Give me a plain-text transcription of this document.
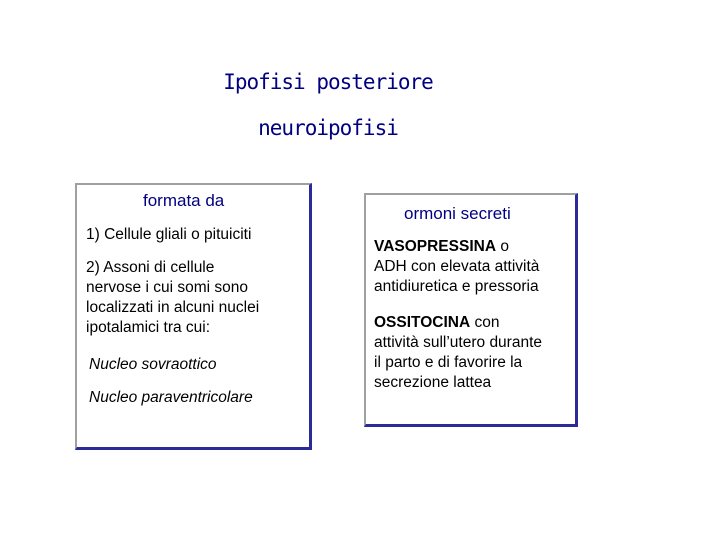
Ipofisi posteriore
neuroipofisi
formata da
1) Cellule gliali o pituiciti
2) Assoni di cellule
nervose i cui somi sono
localizzati in alcuni nuclei
ipotalamici tra cui:
Nucleo sovraottico
Nucleo paraventricolare
ormoni secreti
VASOPRESSINA o
ADH con elevata attività
antidiuretica e pressoria
OSSITOCINA con
attività sull’utero durante
il parto e di favorire la
secrezione lattea
